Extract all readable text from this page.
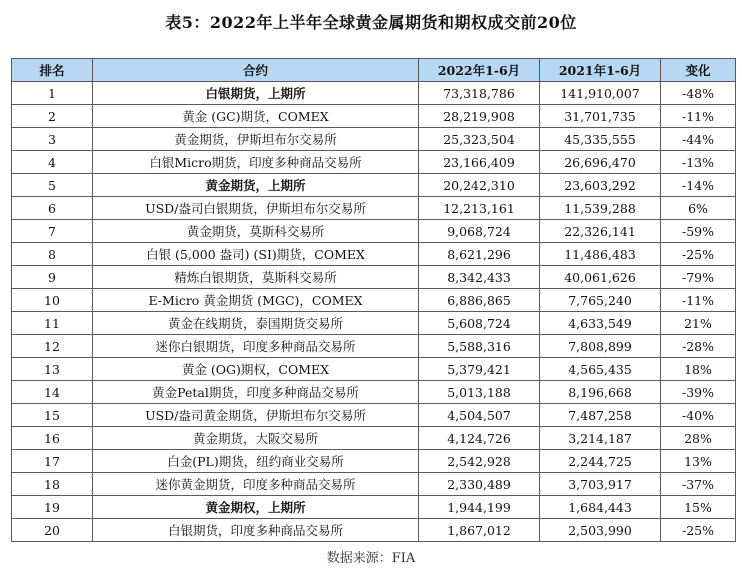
表5：2022年上半年全球黄金属期货和期权成交前20位
排名	合约	2022年1-6月	2021年1-6月	变化
1	白银期货，上期所	73,318,786	141,910,007	-48%
2	黄金 (GC)期货，COMEX	28,219,908	31,701,735	-11%
3	黄金期货，伊斯坦布尔交易所	25,323,504	45,335,555	-44%
4	白银Micro期货，印度多种商品交易所	23,166,409	26,696,470	-13%
5	黄金期货，上期所	20,242,310	23,603,292	-14%
6	USD/盎司白银期货，伊斯坦布尔交易所	12,213,161	11,539,288	6%
7	黄金期货，莫斯科交易所	9,068,724	22,326,141	-59%
8	白银 (5,000 盎司) (SI)期货，COMEX	8,621,296	11,486,483	-25%
9	精炼白银期货，莫斯科交易所	8,342,433	40,061,626	-79%
10	E-Micro 黄金期货 (MGC)，COMEX	6,886,865	7,765,240	-11%
11	黄金在线期货，泰国期货交易所	5,608,724	4,633,549	21%
12	迷你白银期货，印度多种商品交易所	5,588,316	7,808,899	-28%
13	黄金 (OG)期权，COMEX	5,379,421	4,565,435	18%
14	黄金Petal期货，印度多种商品交易所	5,013,188	8,196,668	-39%
15	USD/盎司黄金期货，伊斯坦布尔交易所	4,504,507	7,487,258	-40%
16	黄金期货，大阪交易所	4,124,726	3,214,187	28%
17	白金(PL)期货，纽约商业交易所	2,542,928	2,244,725	13%
18	迷你黄金期货，印度多种商品交易所	2,330,489	3,703,917	-37%
19	黄金期权，上期所	1,944,199	1,684,443	15%
20	白银期货，印度多种商品交易所	1,867,012	2,503,990	-25%
数据来源：FIA
